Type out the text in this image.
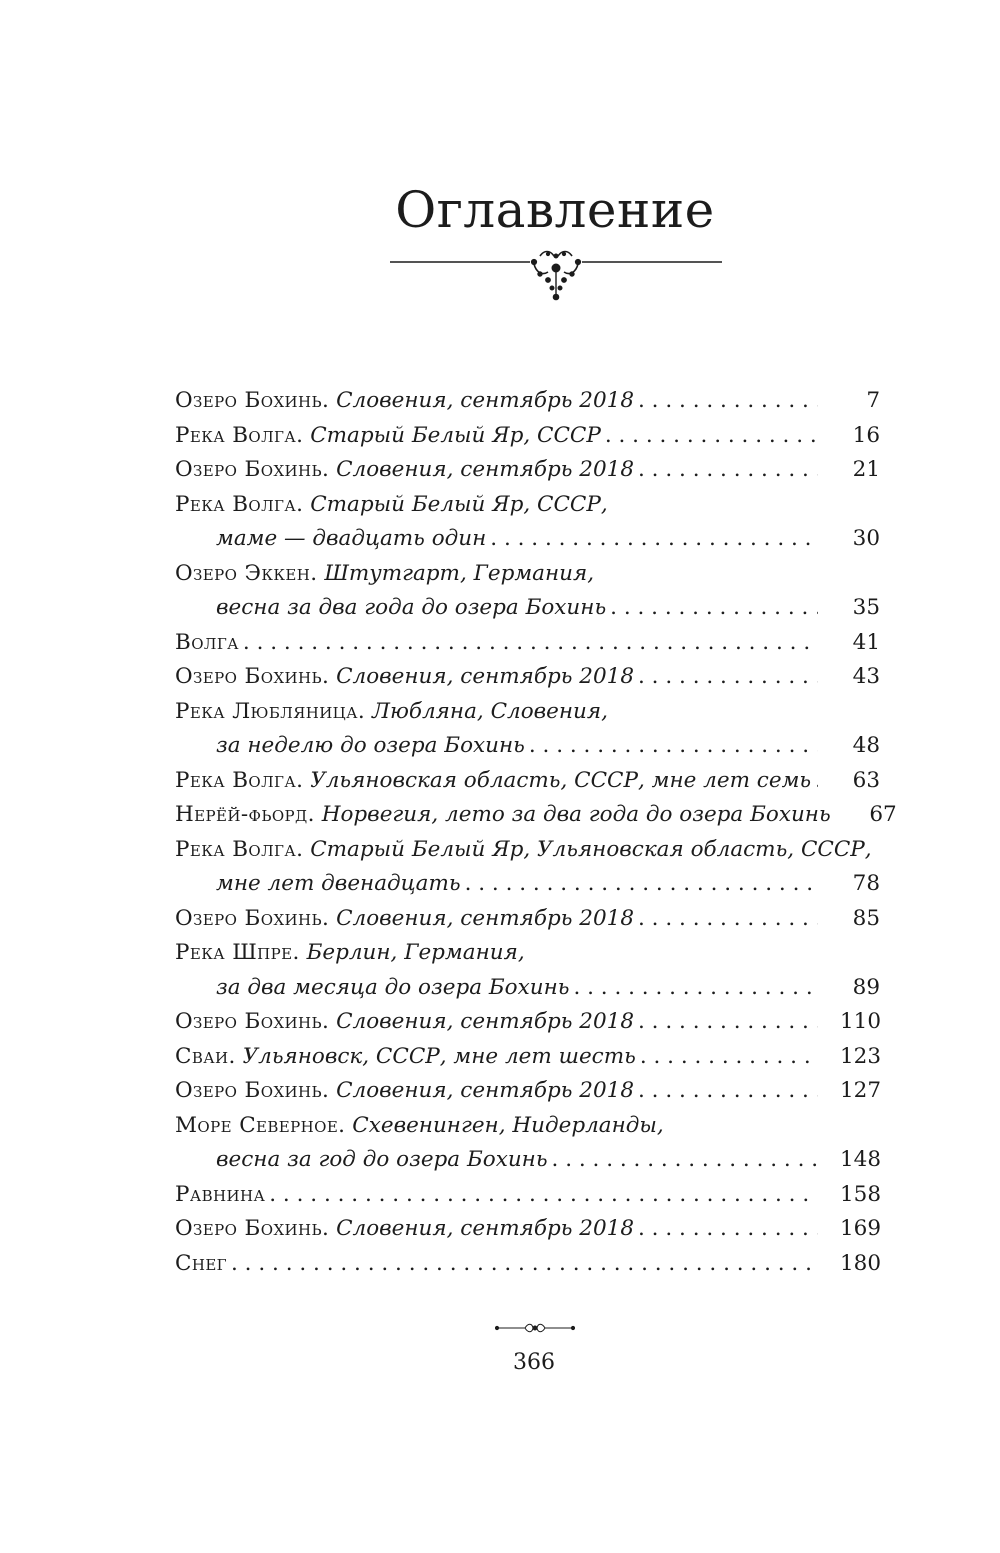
Оглавление
Озеро Бохинь.
Словения, сентябрь 2018 . . .	7
Река Волга.
Старый Белый Яр, СССР . . .	16
Озеро Бохинь.
Словения, сентябрь 2018 . . .	21
Река Волга.
Старый Белый Яр, СССР,
маме — двадцать один . . .	30
Озеро Эккен.
Штутгарт, Германия,
весна за два года до озера Бохинь . . .	35
Волга . . .	41
Озеро Бохинь.
Словения, сентябрь 2018 . . .	43
Река Любляница.
Любляна, Словения,
за неделю до озера Бохинь . . .	48
Река Волга.
Ульяновская область, СССР, мне лет семь . . .	63
Нерёй-фьорд.
Норвегия, лето за два года до озера Бохинь . . .	67
Река Волга.
Старый Белый Яр, Ульяновская область, СССР,
мне лет двенадцать . . .	78
Озеро Бохинь.
Словения, сентябрь 2018 . . .	85
Река Шпре.
Берлин, Германия,
за два месяца до озера Бохинь . . .	89
Озеро Бохинь.
Словения, сентябрь 2018 . . .	110
Сваи.
Ульяновск, СССР, мне лет шесть . . .	123
Озеро Бохинь.
Словения, сентябрь 2018 . . .	127
Море Северное.
Схевенинген, Нидерланды,
весна за год до озера Бохинь . . .	148
Равнина . . .	158
Озеро Бохинь.
Словения, сентябрь 2018 . . .	169
Снег . . .	180
366
